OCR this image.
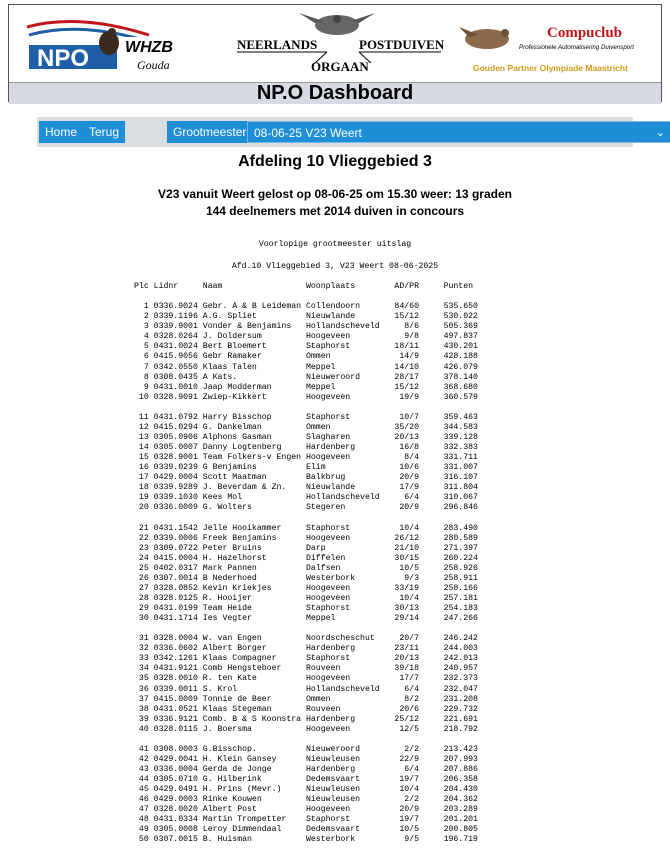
NPO WHZB
Gouda
NEERLANDS	POSTDUIVEN
ORGAAN
Compuclub
Professionele Automatisering Duivensport
Gouden Partner Olympiade Maastricht
NP.O Dashboard
Home Terug	Grootmeester 08-06-25 V23 Weert	⌄
Afdeling 10 Vlieggebied 3
V23 vanuit Weert gelost op 08-06-25 om 15.30 weer: 13 graden
144 deelnemers met 2014 duiven in concours
Voorlopige grootmeester uitslag
Afd.10 Vlieggebied 3, V23 Weert 08-06-2025
Plc Lidnr     Naam                 Woonplaats        AD/PR     Punten

1 0336.9024 Gebr. A & B Leideman Collendoorn       84/60     535.650
2 0339.1196 A.G. Spliet          Nieuwlande        15/12     530.022
3 0339.9001 Vonder & Benjamins   Hollandscheveld     8/6     505.369
4 0328.0264 J. Doldersum         Hoogeveen           9/8     497.837
5 0431.0024 Bert Bloemert        Staphorst         18/11     430.201
6 0415.9056 Gebr Ramaker         Ommen              14/9     428.188
7 0342.0550 Klaas Talen          Meppel            14/10     426.079
8 0308.0435 A Kats.              Nieuweroord       28/17     378.140
9 0431.0010 Jaap Modderman       Meppel            15/12     368.680
10 0328.9091 Zwiep-Kikkert        Hoogeveen          19/9     360.579

11 0431.0792 Harry Bisschop       Staphorst          10/7     359.463
12 0415.0294 G. Dankelman         Ommen             35/20     344.583
13 0305.0906 Alphons Gasman       Slagharen         20/13     339.128
14 0305.0007 Danny Logtenberg     Hardenberg         16/8     332.383
15 0328.9001 Team Folkers-v Engen Hoogeveen           8/4     331.711
16 0339.0239 G Benjamins          Elim               10/6     331.007
17 0429.0004 Scott Maatman        Balkbrug           20/9     316.107
18 0339.9289 J. Beverdam & Zn.    Nieuwlande         17/9     311.804
19 0339.1030 Kees Mol             Hollandscheveld     6/4     310.067
20 0336.0009 G. Wolters           Stegeren           20/9     296.846

21 0431.1542 Jelle Hooikammer     Staphorst          10/4     283.490
22 0339.0006 Freek Benjamins      Hoogeveen         26/12     280.589
23 0309.0722 Peter Bruins         Darp              21/10     271.397
24 0415.0004 H. Hazelhorst        Diffelen          30/15     260.224
25 0402.0317 Mark Pannen          Dalfsen            10/5     258.926
26 0307.0014 B Nederhoed          Westerbork          9/3     258.911
27 0328.0852 Kevin Kriekjes       Hoogeveen         33/19     258.166
28 0328.0125 R. Hooijer           Hoogeveen          10/4     257.181
29 0431.0199 Team Heide           Staphorst         30/13     254.183
30 0431.1714 Ies Vegter           Meppel            29/14     247.266

31 0328.0004 W. van Engen         Noordscheschut     20/7     246.242
32 0336.0602 Albert Borger        Hardenberg        23/11     244.003
33 0342.1261 Klaas Compagner      Staphorst         20/13     242.013
34 0431.9121 Comb Hengsteboer     Rouveen           39/18     240.957
35 0328.0010 R. ten Kate          Hoogeveen          17/7     232.373
36 0339.0011 S. Krol              Hollandscheveld     6/4     232.047
37 0415.0009 Tonnie de Beer       Ommen               8/2     231.208
38 0431.0521 Klaas Stegeman       Rouveen            20/6     229.732
39 0336.9121 Comb. B & S Koonstra Hardenberg        25/12     221.691
40 0328.0115 J. Boersma           Hoogeveen          12/5     218.792

41 0308.0003 G.Bisschop.          Nieuweroord         2/2     213.423
42 0429.0041 H. Klein Gansey      Nieuwleusen        22/9     207.993
43 0336.0004 Gerda de Jonge       Hardenberg          6/4     207.886
44 0305.0710 G. Hilberink         Dedemsvaart        19/7     206.358
45 0429.0491 H. Prins (Mevr.)     Nieuwleusen        10/4     204.430
46 0429.0003 Rinke Kouwen         Nieuwleusen         2/2     204.362
47 0328.0020 Albert Post          Hoogeveen          20/9     203.289
48 0431.0334 Martin Trompetter    Staphorst          19/7     201.201
49 0305.0008 Leroy Dimmendaal     Dedemsvaart        10/5     200.805
50 0307.0015 B. Huisman           Westerbork          9/5     196.719
